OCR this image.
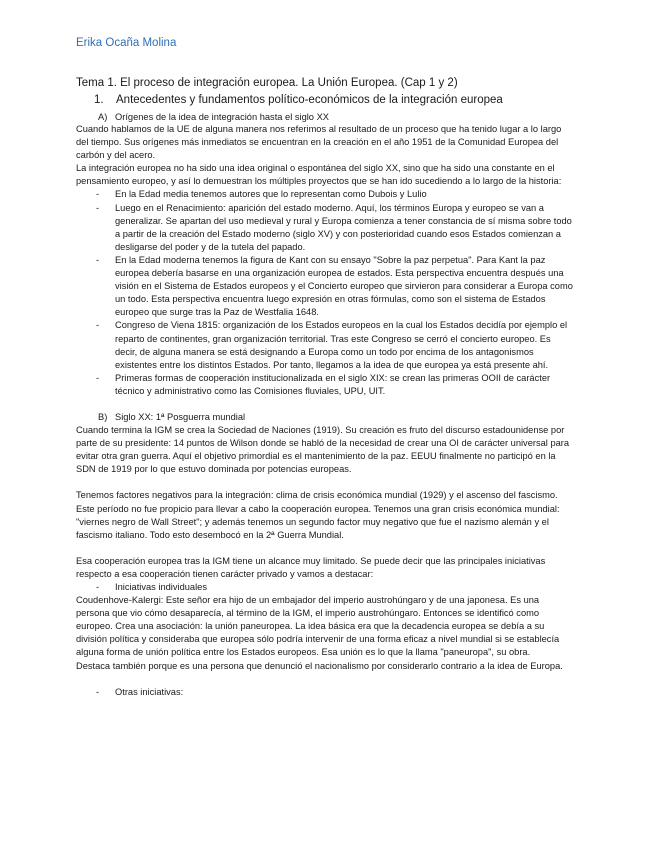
Erika Ocaña Molina
Tema 1. El proceso de integración europea. La Unión Europea. (Cap 1 y 2)
1. Antecedentes y fundamentos político-económicos de la integración europea
A) Orígenes de la idea de integración hasta el siglo XX

Cuando hablamos de la UE de alguna manera nos referimos al resultado de un proceso que ha tenido lugar a lo largo del tiempo. Sus orígenes más inmediatos se encuentran en la creación en el año 1951 de la Comunidad Europea del carbón y del acero.

La integración europea no ha sido una idea original o espontánea del siglo XX, sino que ha sido una constante en el pensamiento europeo, y así lo demuestran los múltiples proyectos que se han ido sucediendo a lo largo de la historia:

- En la Edad media tenemos autores que lo representan como Dubois y Lulio
- Luego en el Renacimiento: aparición del estado moderno. Aquí, los términos Europa y europeo se van a generalizar. Se apartan del uso medieval y rural y Europa comienza a tener constancia de sí misma sobre todo a partir de la creación del Estado moderno (siglo XV) y con posterioridad cuando esos Estados comienzan a desligarse del poder y de la tutela del papado.
- En la Edad moderna tenemos la figura de Kant con su ensayo "Sobre la paz perpetua". Para Kant la paz europea debería basarse en una organización europea de estados. Esta perspectiva encuentra después una visión en el Sistema de Estados europeos y el Concierto europeo que sirvieron para considerar a Europa como un todo. Esta perspectiva encuentra luego expresión en otras fórmulas, como son el sistema de Estados europeo que surge tras la Paz de Westfalia 1648.
- Congreso de Viena 1815: organización de los Estados europeos en la cual los Estados decidía por ejemplo el reparto de continentes, gran organización territorial. Tras este Congreso se cerró el concierto europeo. Es decir, de alguna manera se está designando a Europa como un todo por encima de los antagonismos existentes entre los distintos Estados. Por tanto, llegamos a la idea de que europea ya está presente ahí.
- Primeras formas de cooperación institucionalizada en el siglo XIX: se crean las primeras OOII de carácter técnico y administrativo como las Comisiones fluviales, UPU, UIT.
B) Siglo XX: 1ª Posguerra mundial

Cuando termina la IGM se crea la Sociedad de Naciones (1919). Su creación es fruto del discurso estadounidense por parte de su presidente: 14 puntos de Wilson donde se habló de la necesidad de crear una OI de carácter universal para evitar otra gran guerra. Aquí el objetivo primordial es el mantenimiento de la paz. EEUU finalmente no participó en la SDN de 1919 por lo que estuvo dominada por potencias europeas.

Tenemos factores negativos para la integración: clima de crisis económica mundial (1929) y el ascenso del fascismo. Este período no fue propicio para llevar a cabo la cooperación europea. Tenemos una gran crisis económica mundial: "viernes negro de Wall Street"; y además tenemos un segundo factor muy negativo que fue el nazismo alemán y el fascismo italiano. Todo esto desembocó en la 2ª Guerra Mundial.

Esa cooperación europea tras la IGM tiene un alcance muy limitado. Se puede decir que las principales iniciativas respecto a esa cooperación tienen carácter privado y vamos a destacar:

- Iniciativas individuales

Coudenhove-Kalergi: Este señor era hijo de un embajador del imperio austrohúngaro y de una japonesa. Es una persona que vio cómo desaparecía, al término de la IGM, el imperio austrohúngaro. Entonces se identificó como europeo. Crea una asociación: la unión paneuropea. La idea básica era que la decadencia europea se debía a su división política y consideraba que europea sólo podría intervenir de una forma eficaz a nivel mundial si se establecía alguna forma de unión política entre los Estados europeos. Esa unión es lo que la llama "paneuropa", su obra.

Destaca también porque es una persona que denunció el nacionalismo por considerarlo contrario a la idea de Europa.

- Otras iniciativas:
